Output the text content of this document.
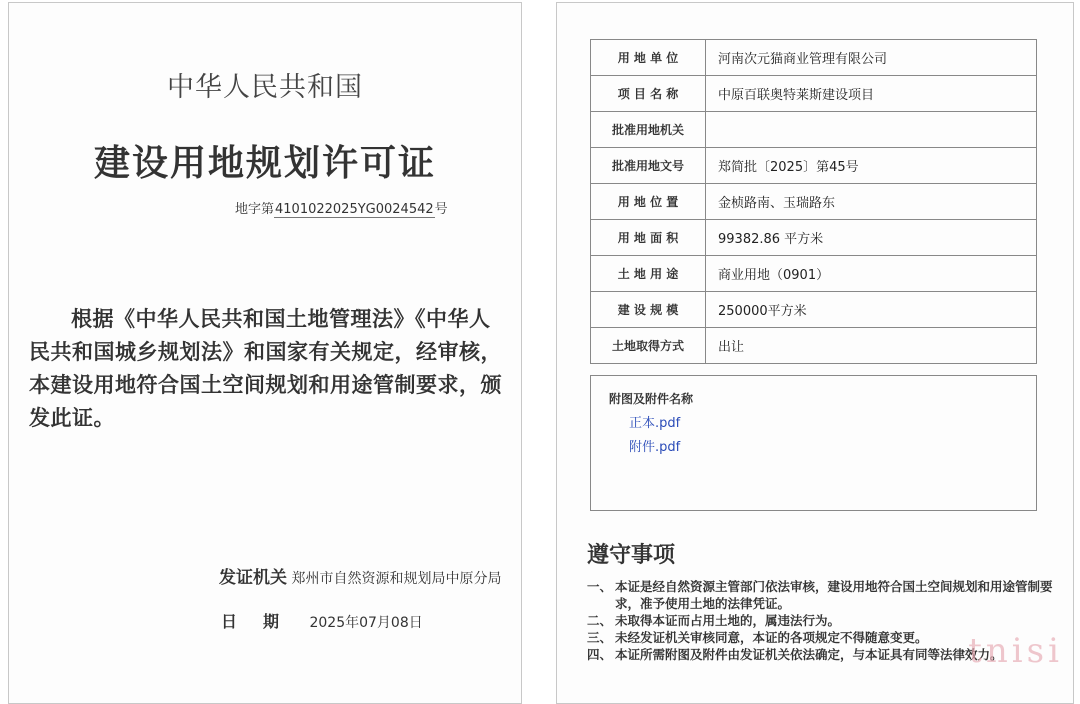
中华人民共和国
建设用地规划许可证
地字第4101022025YG0024542号
根据《中华人民共和国土地管理法》《中华人民共和国城乡规划法》和国家有关规定，经审核，本建设用地符合国土空间规划和用途管制要求，颁发此证。
发证机关 郑州市自然资源和规划局中原分局
日期 2025年07月08日
用 地 单 位	河南次元猫商业管理有限公司
项 目 名 称	中原百联奥特莱斯建设项目
批准用地机关	
批准用地文号	郑简批〔2025〕第45号
用 地 位 置	金桢路南、玉瑞路东
用 地 面 积	99382.86 平方米
土 地 用 途	商业用地（0901）
建 设 规 模	250000平方米
土地取得方式	出让
附图及附件名称
正本.pdf
附件.pdf
遵守事项
一、 本证是经自然资源主管部门依法审核，建设用地符合国土空间规划和用途管制要求，准予使用土地的法律凭证。
二、 未取得本证而占用土地的，属违法行为。
三、 未经发证机关审核同意，本证的各项规定不得随意变更。
四、 本证所需附图及附件由发证机关依法确定，与本证具有同等法律效力。
tnisi
